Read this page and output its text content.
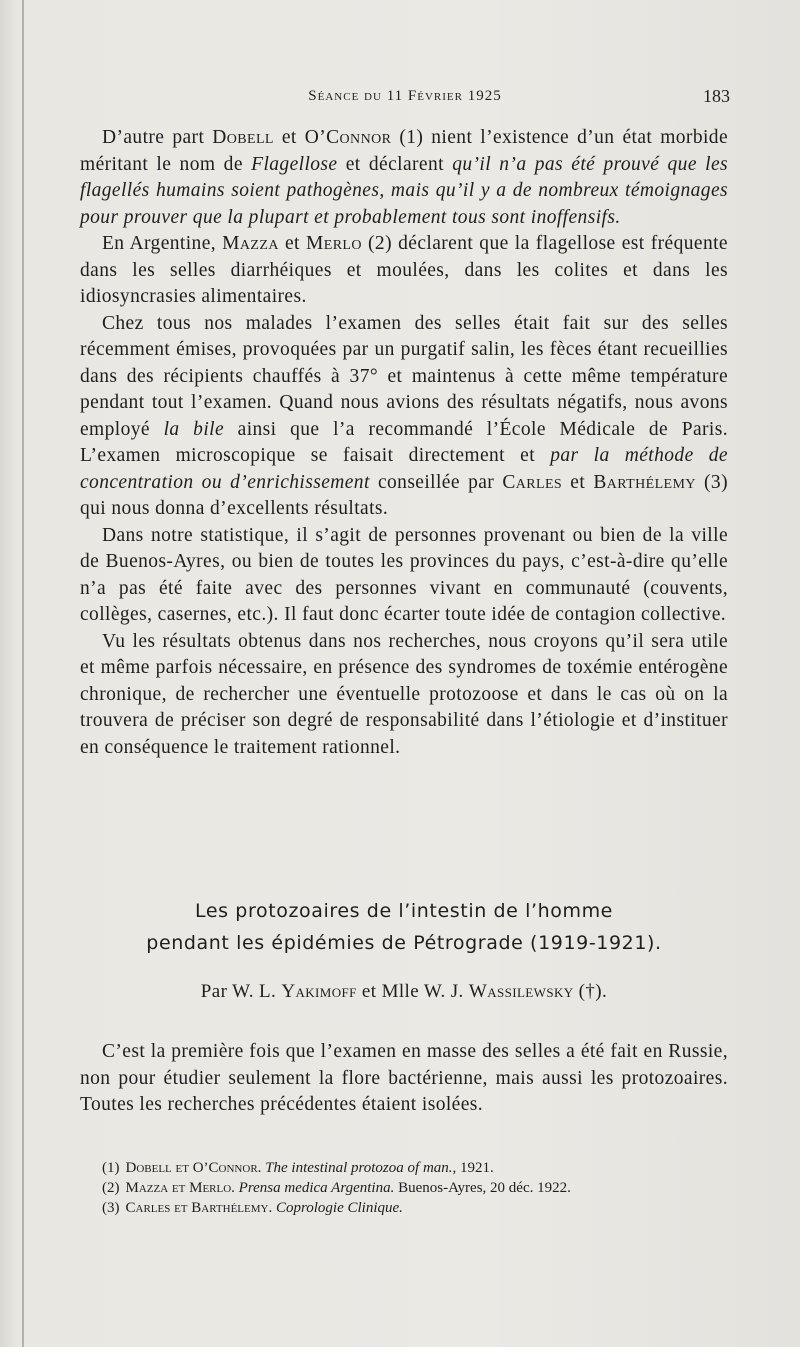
Séance du 11 Février 1925	183

D’autre part Dobell et O’Connor (1) nient l’existence d’un état morbide méritant le nom de Flagellose et déclarent qu’il n’a pas été prouvé que les flagellés humains soient pathogènes, mais qu’il y a de nombreux témoignages pour prouver que la plupart et probablement tous sont inoffensifs.

En Argentine, Mazza et Merlo (2) déclarent que la flagellose est fréquente dans les selles diarrhéiques et moulées, dans les colites et dans les idiosyncrasies alimentaires.

Chez tous nos malades l’examen des selles était fait sur des selles récemment émises, provoquées par un purgatif salin, les fèces étant recueillies dans des récipients chauffés à 37° et maintenus à cette même température pendant tout l’examen. Quand nous avions des résultats négatifs, nous avons employé la bile ainsi que l’a recommandé l’École Médicale de Paris. L’examen microscopique se faisait directement et par la méthode de concentration ou d’enrichissement conseillée par Carles et Barthélemy (3) qui nous donna d’excellents résultats.

Dans notre statistique, il s’agit de personnes provenant ou bien de la ville de Buenos-Ayres, ou bien de toutes les provinces du pays, c’est-à-dire qu’elle n’a pas été faite avec des personnes vivant en communauté (couvents, collèges, casernes, etc.). Il faut donc écarter toute idée de contagion collective.

Vu les résultats obtenus dans nos recherches, nous croyons qu’il sera utile et même parfois nécessaire, en présence des syndromes de toxémie entérogène chronique, de rechercher une éventuelle protozoose et dans le cas où on la trouvera de préciser son degré de responsabilité dans l’étiologie et d’instituer en conséquence le traitement rationnel.

Les protozoaires de l’intestin de l’homme
pendant les épidémies de Pétrograde (1919-1921).
Par W. L. Yakimoff et Mlle W. J. Wassilewsky (†).

C’est la première fois que l’examen en masse des selles a été fait en Russie, non pour étudier seulement la flore bactérienne, mais aussi les protozoaires. Toutes les recherches précédentes étaient isolées.

(1) Dobell et O’Connor. The intestinal protozoa of man., 1921.
(2) Mazza et Merlo. Prensa medica Argentina. Buenos-Ayres, 20 déc. 1922.
(3) Carles et Barthélemy. Coprologie Clinique.
